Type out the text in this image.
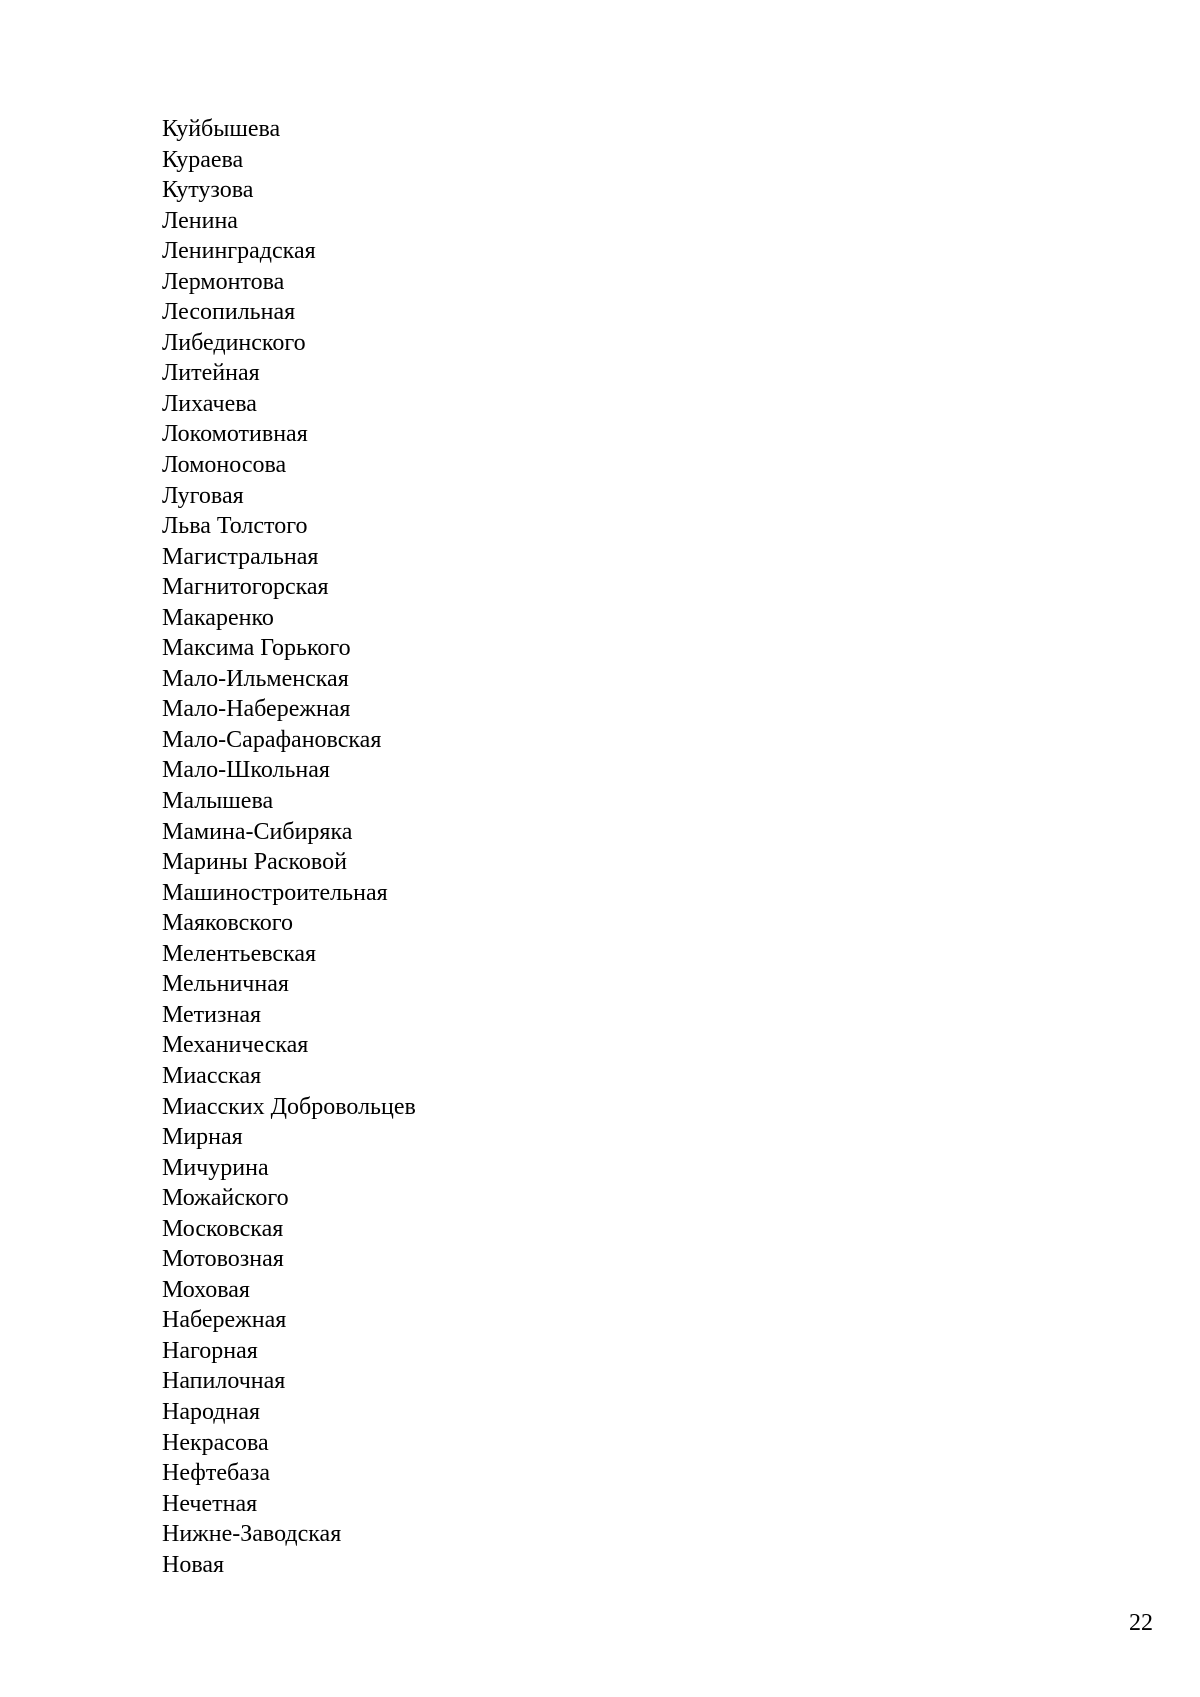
Куйбышева
Кураева
Кутузова
Ленина
Ленинградская
Лермонтова
Лесопильная
Либединского
Литейная
Лихачева
Локомотивная
Ломоносова
Луговая
Льва Толстого
Магистральная
Магнитогорская
Макаренко
Максима Горького
Мало-Ильменская
Мало-Набережная
Мало-Сарафановская
Мало-Школьная
Малышева
Мамина-Сибиряка
Марины Расковой
Машиностроительная
Маяковского
Мелентьевская
Мельничная
Метизная
Механическая
Миасская
Миасских Добровольцев
Мирная
Мичурина
Можайского
Московская
Мотовозная
Моховая
Набережная
Нагорная
Напилочная
Народная
Некрасова
Нефтебаза
Нечетная
Нижне-Заводская
Новая
22
